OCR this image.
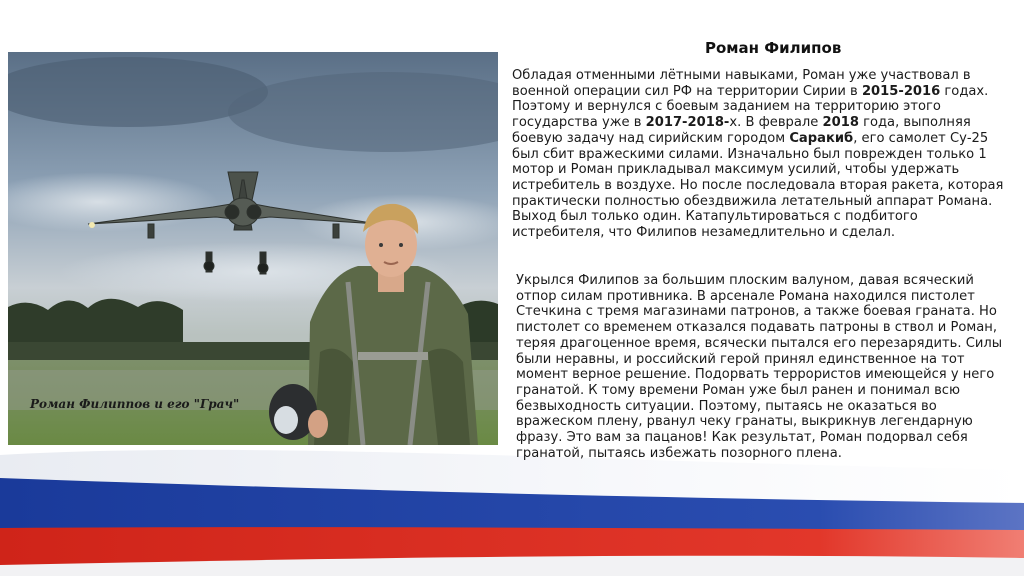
Роман Филиппов и его "Грач"
Роман Филипов

Обладая отменными лётными навыками, Роман уже участвовал в военной операции сил РФ на территории Сирии в 2015-2016 годах. Поэтому и вернулся с боевым заданием на территорию этого государства уже в 2017-2018-х. В феврале 2018 года, выполняя боевую задачу над сирийским городом Саракиб, его самолет Су-25 был сбит вражескими силами. Изначально был поврежден только 1 мотор и Роман прикладывал максимум усилий, чтобы удержать истребитель в воздухе. Но после последовала вторая ракета, которая практически полностью обездвижила летательный аппарат Романа. Выход был только один. Катапультироваться с подбитого истребителя, что Филипов незамедлительно и сделал.

Укрылся Филипов за большим плоским валуном, давая всяческий отпор силам противника. В арсенале Романа находился пистолет Стечкина с тремя магазинами патронов, а также боевая граната. Но пистолет со временем отказался подавать патроны в ствол и Роман, теряя драгоценное время, всячески пытался его перезарядить. Силы были неравны, и российский герой принял единственное на тот момент верное решение. Подорвать террористов имеющейся у него гранатой. К тому времени Роман уже был ранен и понимал всю безвыходность ситуации. Поэтому, пытаясь не оказаться во вражеском плену, рванул чеку гранаты, выкрикнув легендарную фразу. Это вам за пацанов! Как результат, Роман подорвал себя гранатой, пытаясь избежать позорного плена.
